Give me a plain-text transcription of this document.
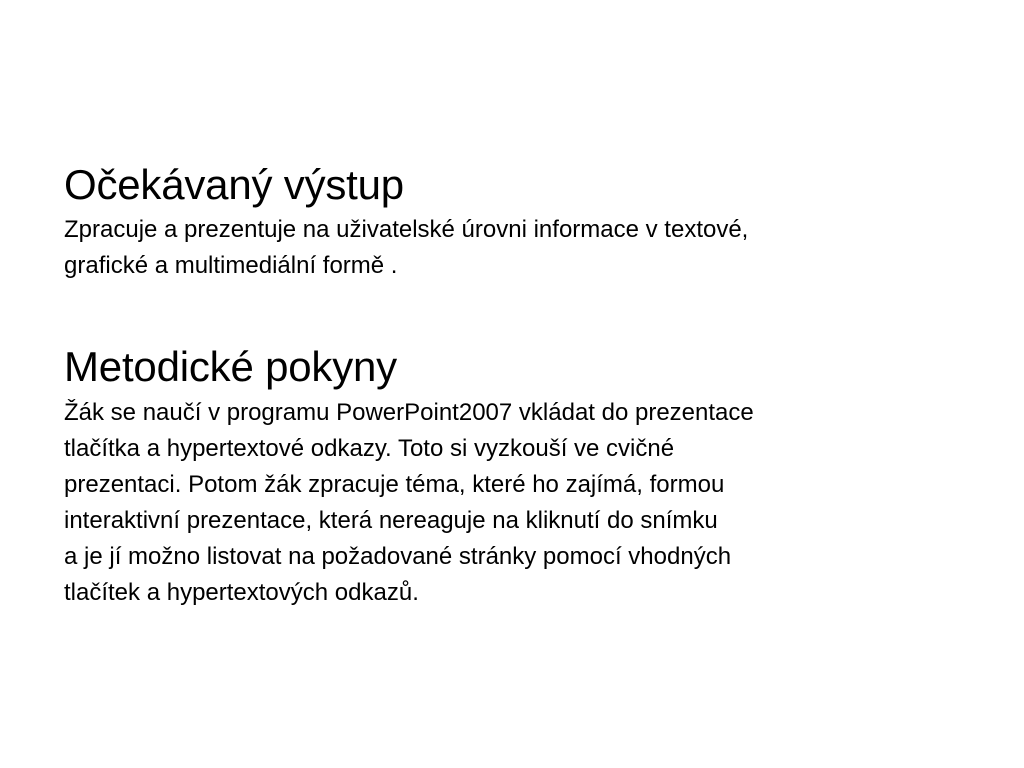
Očekávaný výstup

Zpracuje a prezentuje na uživatelské úrovni informace v textové,
grafické a multimediální formě .

Metodické pokyny

Žák se naučí v programu PowerPoint2007 vkládat do prezentace
tlačítka a hypertextové odkazy. Toto si vyzkouší ve cvičné
prezentaci. Potom žák zpracuje téma, které ho zajímá, formou
interaktivní prezentace, která nereaguje na kliknutí do snímku
a je jí možno listovat na požadované stránky pomocí vhodných
tlačítek a hypertextových odkazů.
